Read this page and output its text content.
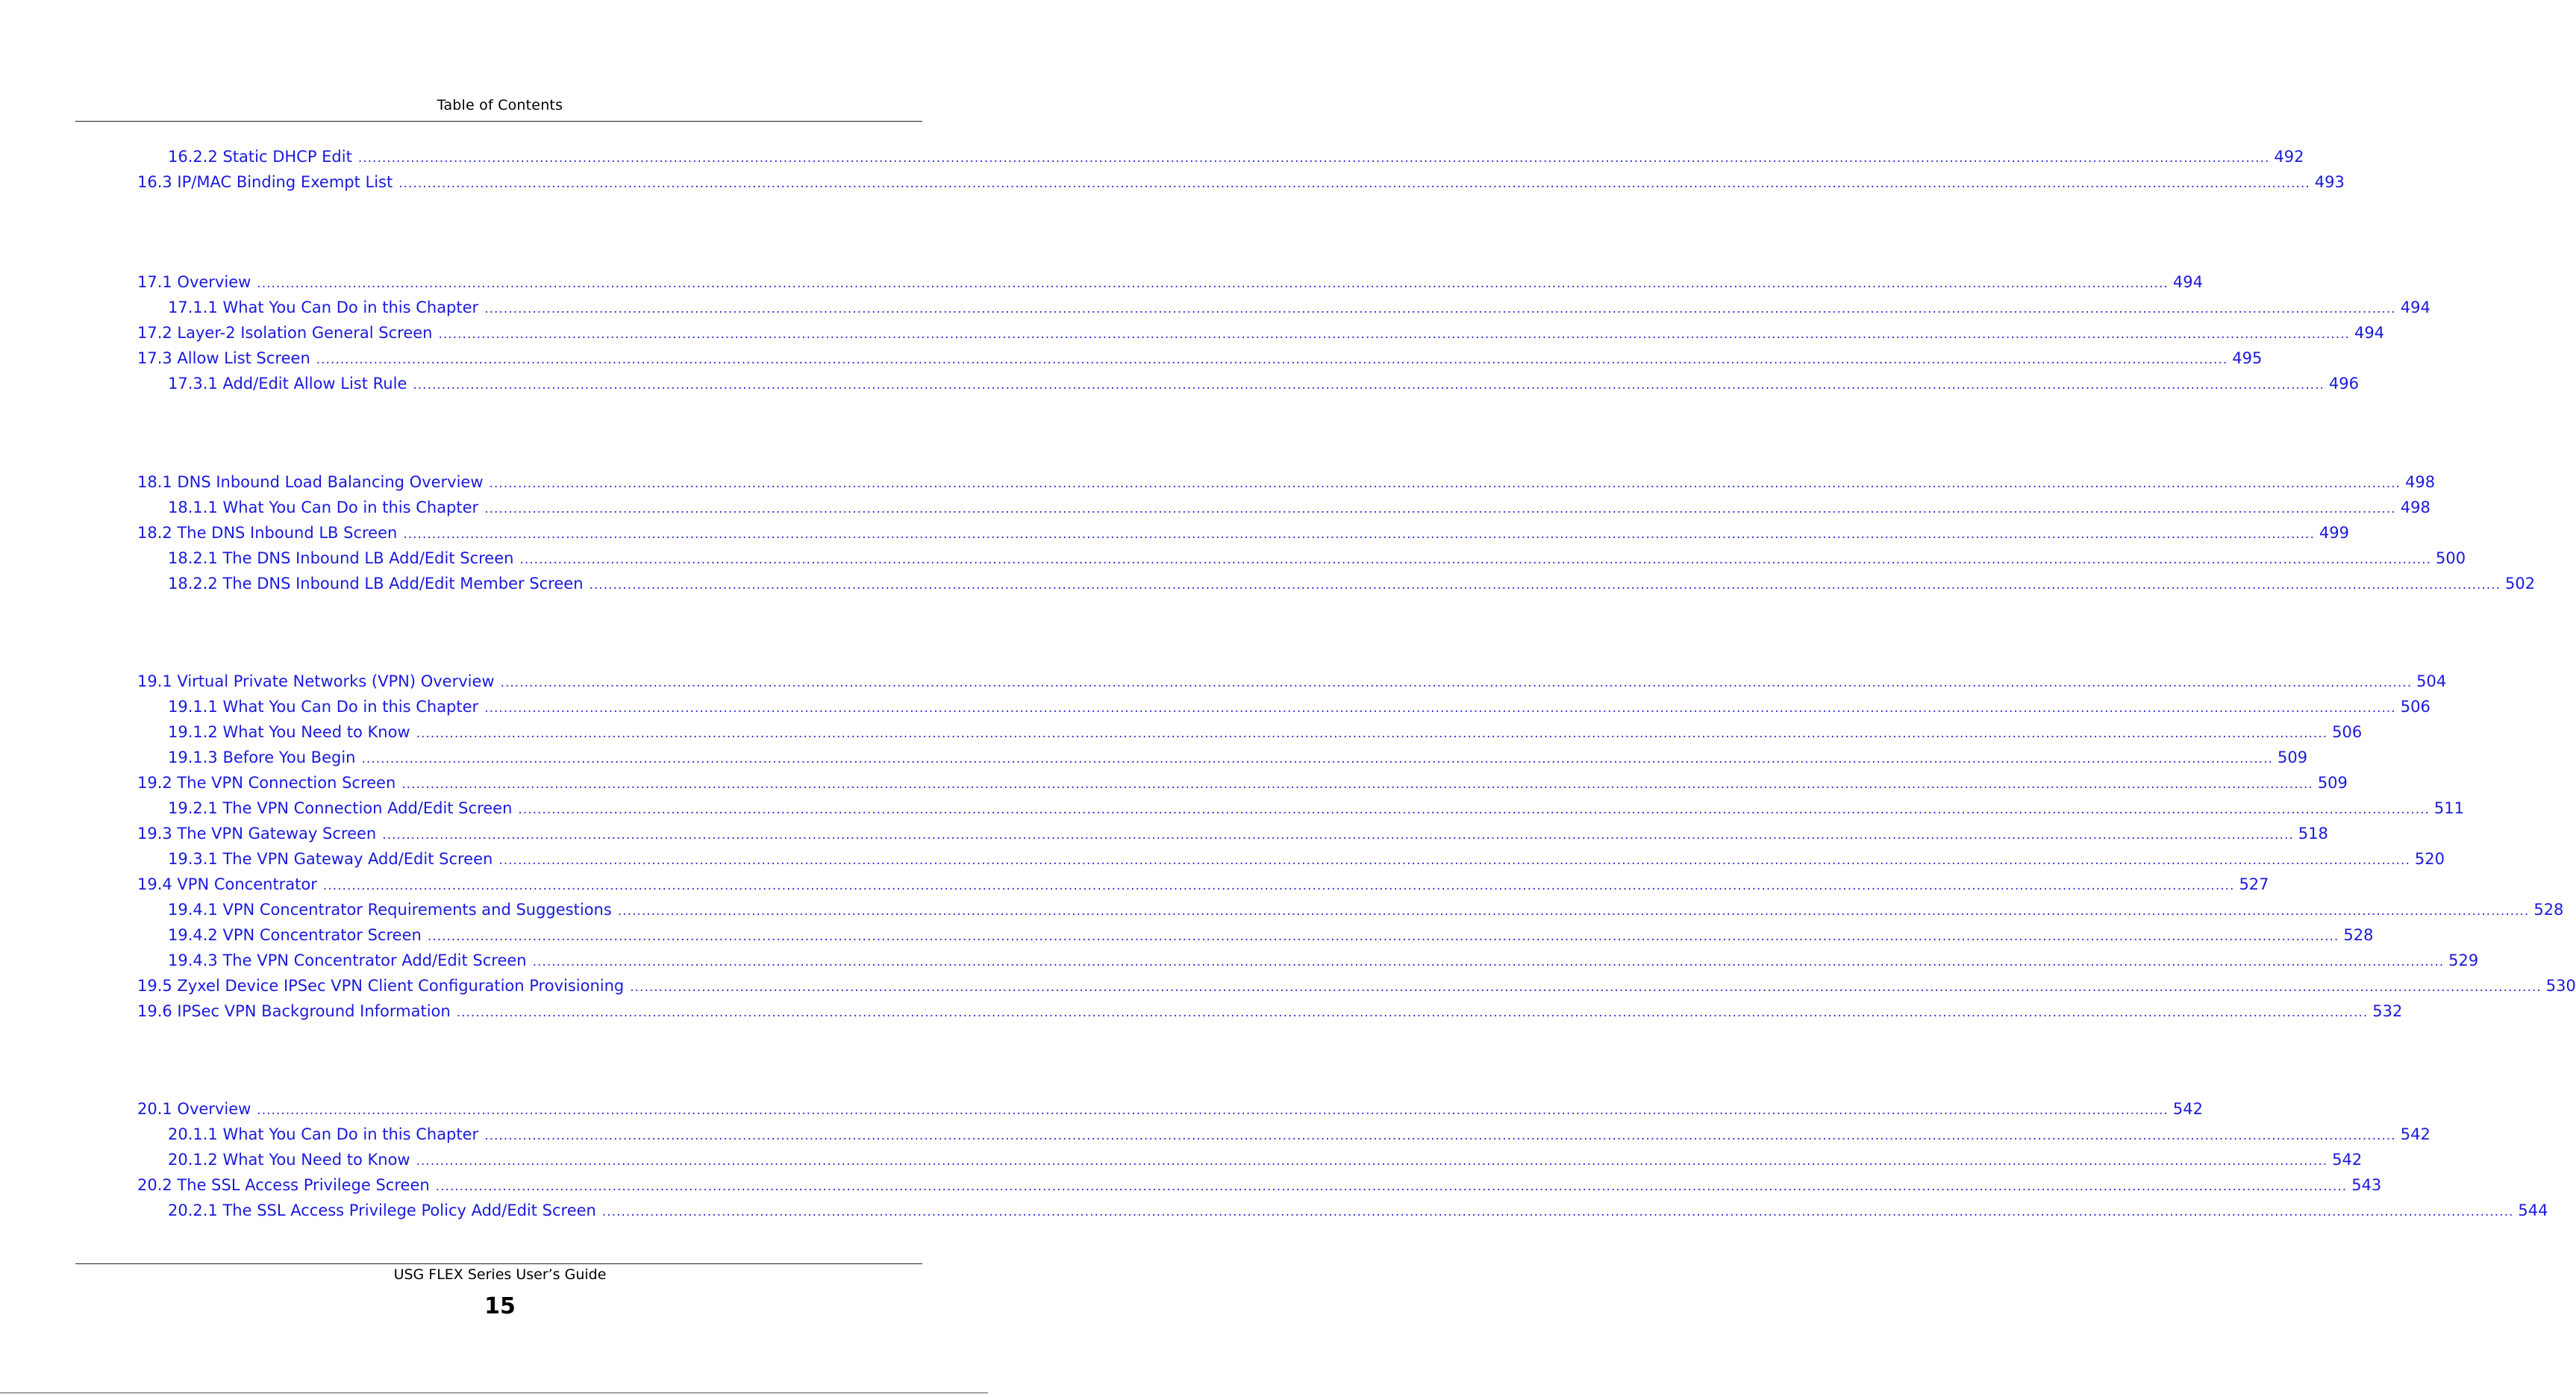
Table of Contents
16.2.2 Static DHCP Edit ................................................................................................................................................................................................................................................................................................................................................................................................................ 492
16.3 IP/MAC Binding Exempt List ................................................................................................................................................................................................................................................................................................................................................................................................................ 493
17.1 Overview ................................................................................................................................................................................................................................................................................................................................................................................................................ 494
17.1.1 What You Can Do in this Chapter ................................................................................................................................................................................................................................................................................................................................................................................................................ 494
17.2 Layer-2 Isolation General Screen ................................................................................................................................................................................................................................................................................................................................................................................................................ 494
17.3 Allow List Screen ................................................................................................................................................................................................................................................................................................................................................................................................................ 495
17.3.1 Add/Edit Allow List Rule ................................................................................................................................................................................................................................................................................................................................................................................................................ 496
18.1 DNS Inbound Load Balancing Overview ................................................................................................................................................................................................................................................................................................................................................................................................................ 498
18.1.1 What You Can Do in this Chapter ................................................................................................................................................................................................................................................................................................................................................................................................................ 498
18.2 The DNS Inbound LB Screen ................................................................................................................................................................................................................................................................................................................................................................................................................ 499
18.2.1 The DNS Inbound LB Add/Edit Screen ................................................................................................................................................................................................................................................................................................................................................................................................................ 500
18.2.2 The DNS Inbound LB Add/Edit Member Screen ................................................................................................................................................................................................................................................................................................................................................................................................................ 502
19.1 Virtual Private Networks (VPN) Overview ................................................................................................................................................................................................................................................................................................................................................................................................................ 504
19.1.1 What You Can Do in this Chapter ................................................................................................................................................................................................................................................................................................................................................................................................................ 506
19.1.2 What You Need to Know ................................................................................................................................................................................................................................................................................................................................................................................................................ 506
19.1.3 Before You Begin ................................................................................................................................................................................................................................................................................................................................................................................................................ 509
19.2 The VPN Connection Screen ................................................................................................................................................................................................................................................................................................................................................................................................................ 509
19.2.1 The VPN Connection Add/Edit Screen ................................................................................................................................................................................................................................................................................................................................................................................................................ 511
19.3 The VPN Gateway Screen ................................................................................................................................................................................................................................................................................................................................................................................................................ 518
19.3.1 The VPN Gateway Add/Edit Screen ................................................................................................................................................................................................................................................................................................................................................................................................................ 520
19.4 VPN Concentrator ................................................................................................................................................................................................................................................................................................................................................................................................................ 527
19.4.1 VPN Concentrator Requirements and Suggestions ................................................................................................................................................................................................................................................................................................................................................................................................................ 528
19.4.2 VPN Concentrator Screen ................................................................................................................................................................................................................................................................................................................................................................................................................ 528
19.4.3 The VPN Concentrator Add/Edit Screen ................................................................................................................................................................................................................................................................................................................................................................................................................ 529
19.5 Zyxel Device IPSec VPN Client Configuration Provisioning ................................................................................................................................................................................................................................................................................................................................................................................................................ 530
19.6 IPSec VPN Background Information ................................................................................................................................................................................................................................................................................................................................................................................................................ 532
20.1 Overview ................................................................................................................................................................................................................................................................................................................................................................................................................ 542
20.1.1 What You Can Do in this Chapter ................................................................................................................................................................................................................................................................................................................................................................................................................ 542
20.1.2 What You Need to Know ................................................................................................................................................................................................................................................................................................................................................................................................................ 542
20.2 The SSL Access Privilege Screen ................................................................................................................................................................................................................................................................................................................................................................................................................ 543
20.2.1 The SSL Access Privilege Policy Add/Edit Screen ................................................................................................................................................................................................................................................................................................................................................................................................................ 544
USG FLEX Series User’s Guide
15
